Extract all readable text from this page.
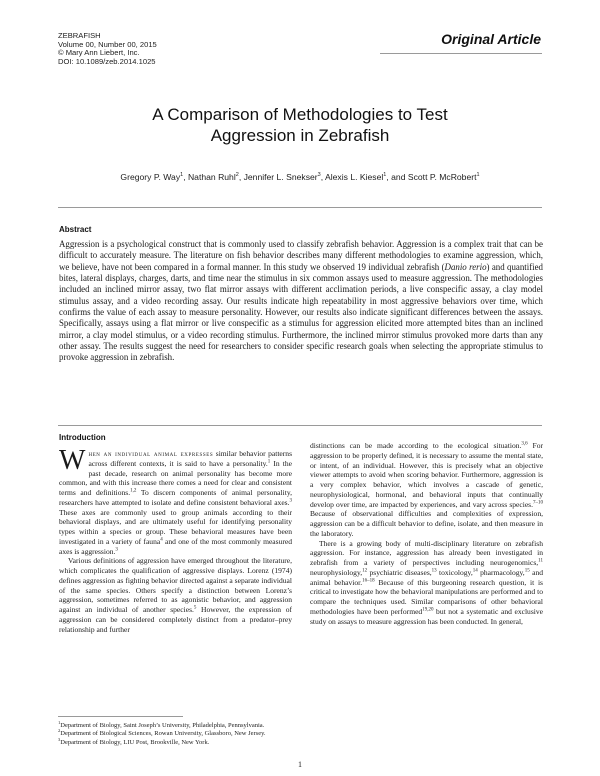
ZEBRAFISH
Volume 00, Number 00, 2015
© Mary Ann Liebert, Inc.
DOI: 10.1089/zeb.2014.1025
Original Article
A Comparison of Methodologies to Test
Aggression in Zebrafish
Gregory P. Way$^1$, Nathan Ruhl$^2$, Jennifer L. Snekser$^3$, Alexis L. Kiesel$^1$, and Scott P. McRobert$^1$
Abstract
Aggression is a psychological construct that is commonly used to classify zebrafish behavior. Aggression is a complex trait that can be difficult to accurately measure. The literature on fish behavior describes many different methodologies to examine aggression, which, we believe, have not been compared in a formal manner. In this study we observed 19 individual zebrafish (Danio rerio) and quantified bites, lateral displays, charges, darts, and time near the stimulus in six common assays used to measure aggression. The methodologies included an inclined mirror assay, two flat mirror assays with different acclimation periods, a live conspecific assay, a clay model stimulus assay, and a video recording assay. Our results indicate high repeatability in most aggressive behaviors over time, which confirms the value of each assay to measure personality. However, our results also indicate significant differences between the assays. Specifically, assays using a flat mirror or live conspecific as a stimulus for aggression elicited more attempted bites than an inclined mirror, a clay model stimulus, or a video recording stimulus. Furthermore, the inclined mirror stimulus provoked more darts than any other assay. The results suggest the need for researchers to consider specific research goals when selecting the appropriate stimulus to provoke aggression in zebrafish.
Introduction

When an individual animal expresses similar behavior patterns across different contexts, it is said to have a personality.$^1$ In the past decade, research on animal personality has become more common, and with this increase there comes a need for clear and consistent terms and definitions.$^{1,2}$ To discern components of animal personality, researchers have attempted to isolate and define consistent behavioral axes.$^3$ These axes are commonly used to group animals according to their behavioral displays, and are ultimately useful for identifying personality types within a species or group. These behavioral measures have been investigated in a variety of fauna$^4$ and one of the most commonly measured axes is aggression.$^3$

Various definitions of aggression have emerged throughout the literature, which complicates the qualification of aggressive displays. Lorenz (1974) defines aggression as fighting behavior directed against a separate individual of the same species. Others specify a distinction between Lorenz’s aggression, sometimes referred to as agonistic behavior, and aggression against an individual of another species.$^5$ However, the expression of aggression can be considered completely distinct from a predator–prey relationship and further

distinctions can be made according to the ecological situation.$^{3,6}$ For aggression to be properly defined, it is necessary to assume the mental state, or intent, of an individual. However, this is precisely what an objective viewer attempts to avoid when scoring behavior. Furthermore, aggression is a very complex behavior, which involves a cascade of genetic, neurophysiological, hormonal, and behavioral inputs that continually develop over time, are impacted by experiences, and vary across species.$^{7-10}$ Because of observational difficulties and complexities of expression, aggression can be a difficult behavior to define, isolate, and then measure in the laboratory.

There is a growing body of multi-disciplinary literature on zebrafish aggression. For instance, aggression has already been investigated in zebrafish from a variety of perspectives including neurogenomics,$^{11}$ neurophysiology,$^{12}$ psychiatric diseases,$^{13}$ toxicology,$^{14}$ pharmacology,$^{15}$ and animal behavior.$^{16-18}$ Because of this burgeoning research question, it is critical to investigate how the behavioral manipulations are performed and to compare the techniques used. Similar comparisons of other behavioral methodologies have been performed$^{19,20}$ but not a systematic and exclusive study on assays to measure aggression has been conducted. In general,

$^1$Department of Biology, Saint Joseph’s University, Philadelphia, Pennsylvania.
$^2$Department of Biological Sciences, Rowan University, Glassboro, New Jersey.
$^3$Department of Biology, LIU Post, Brookville, New York.
1
